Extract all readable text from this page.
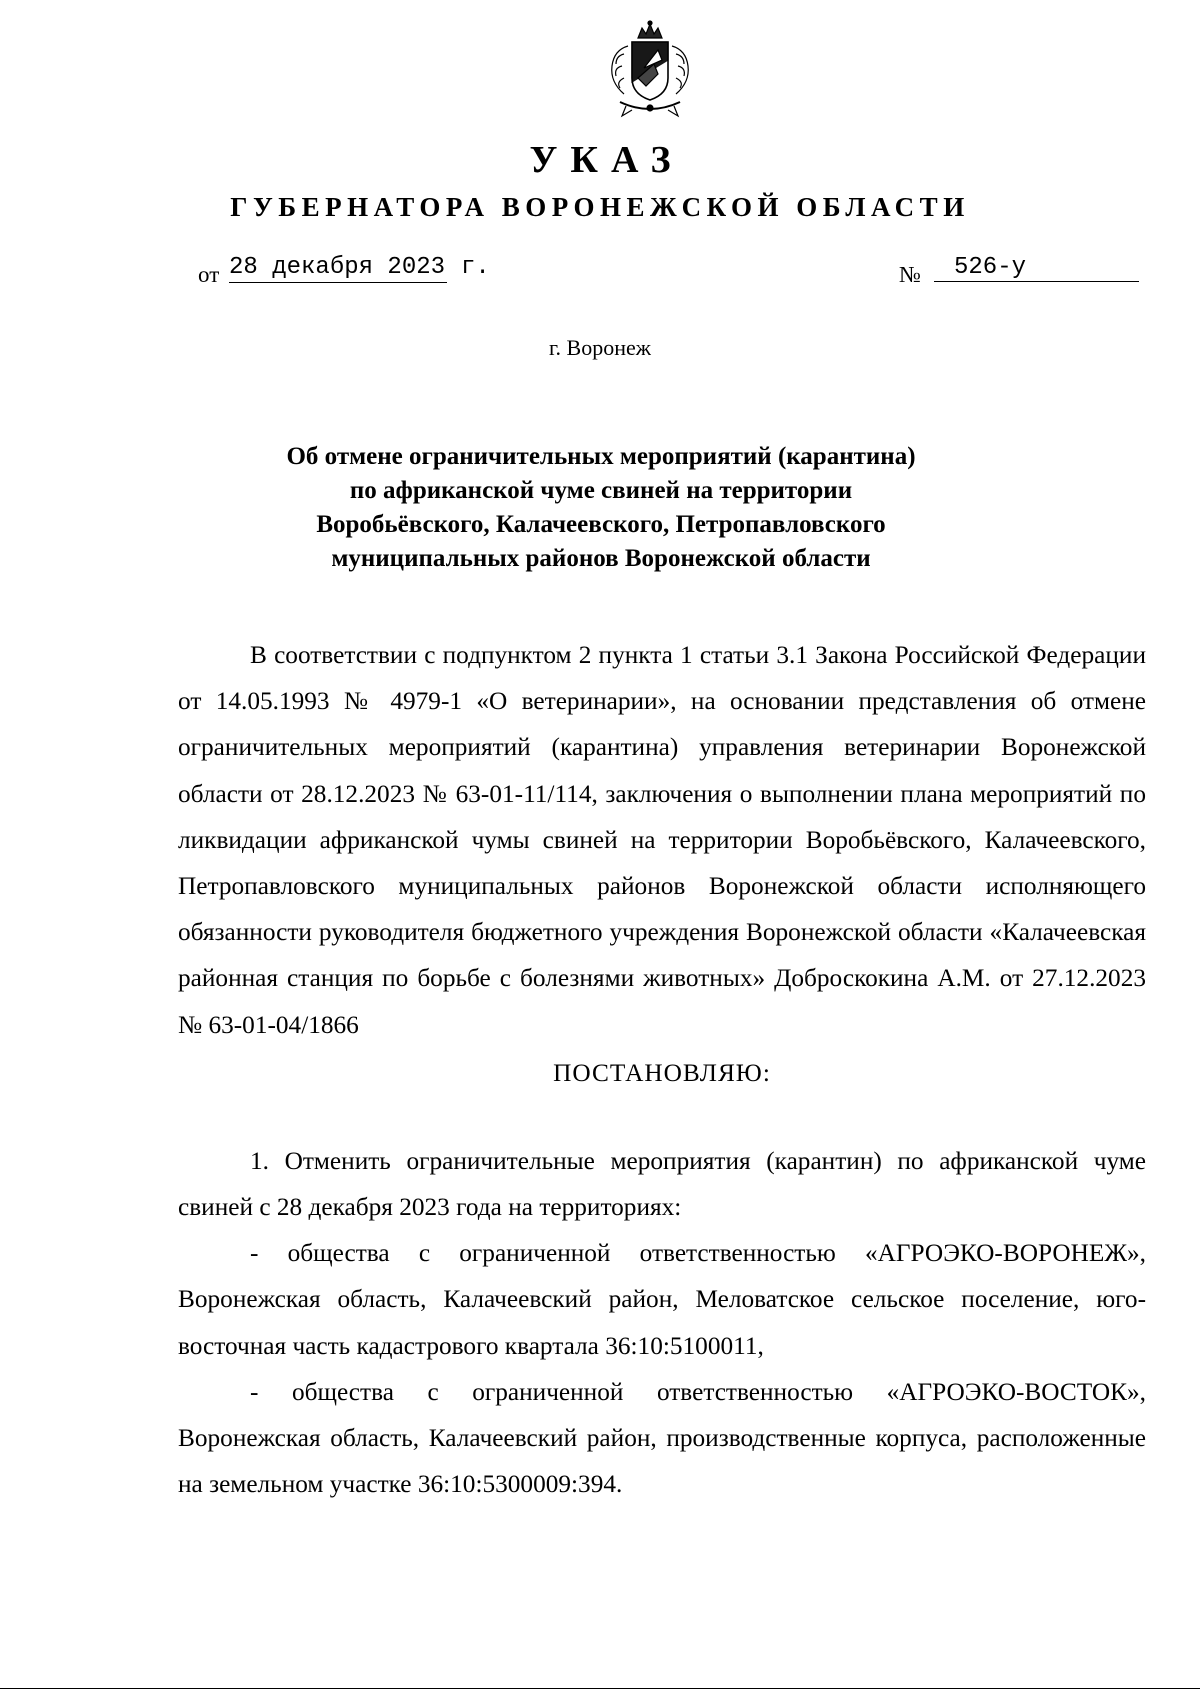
УКАЗ
ГУБЕРНАТОРА ВОРОНЕЖСКОЙ ОБЛАСТИ
от 28 декабря 2023 г.	№	526-у
г. Воронеж
Об отмене ограничительных мероприятий (карантина)
по африканской чуме свиней на территории
Воробьёвского, Калачеевского, Петропавловского
муниципальных районов Воронежской области

В соответствии с подпунктом 2 пункта 1 статьи 3.1 Закона Российской Федерации от 14.05.1993 № 4979-1 «О ветеринарии», на основании представления об отмене ограничительных мероприятий (карантина) управления ветеринарии Воронежской области от 28.12.2023 № 63-01-11/114, заключения о выполнении плана мероприятий по ликвидации африканской чумы свиней на территории Воробьёвского, Калачеевского, Петропавловского муниципальных районов Воронежской области исполняющего обязанности руководителя бюджетного учреждения Воронежской области «Калачеевская районная станция по борьбе с болезнями животных» Доброскокина А.М. от 27.12.2023 № 63-01-04/1866

ПОСТАНОВЛЯЮ:

1. Отменить ограничительные мероприятия (карантин) по африканской чуме свиней с 28 декабря 2023 года на территориях:

- общества с ограниченной ответственностью «АГРОЭКО-ВОРОНЕЖ», Воронежская область, Калачеевский район, Меловатское сельское поселение, юго-восточная часть кадастрового квартала 36:10:5100011,

- общества с ограниченной ответственностью «АГРОЭКО-ВОСТОК», Воронежская область, Калачеевский район, производственные корпуса, расположенные на земельном участке 36:10:5300009:394.
